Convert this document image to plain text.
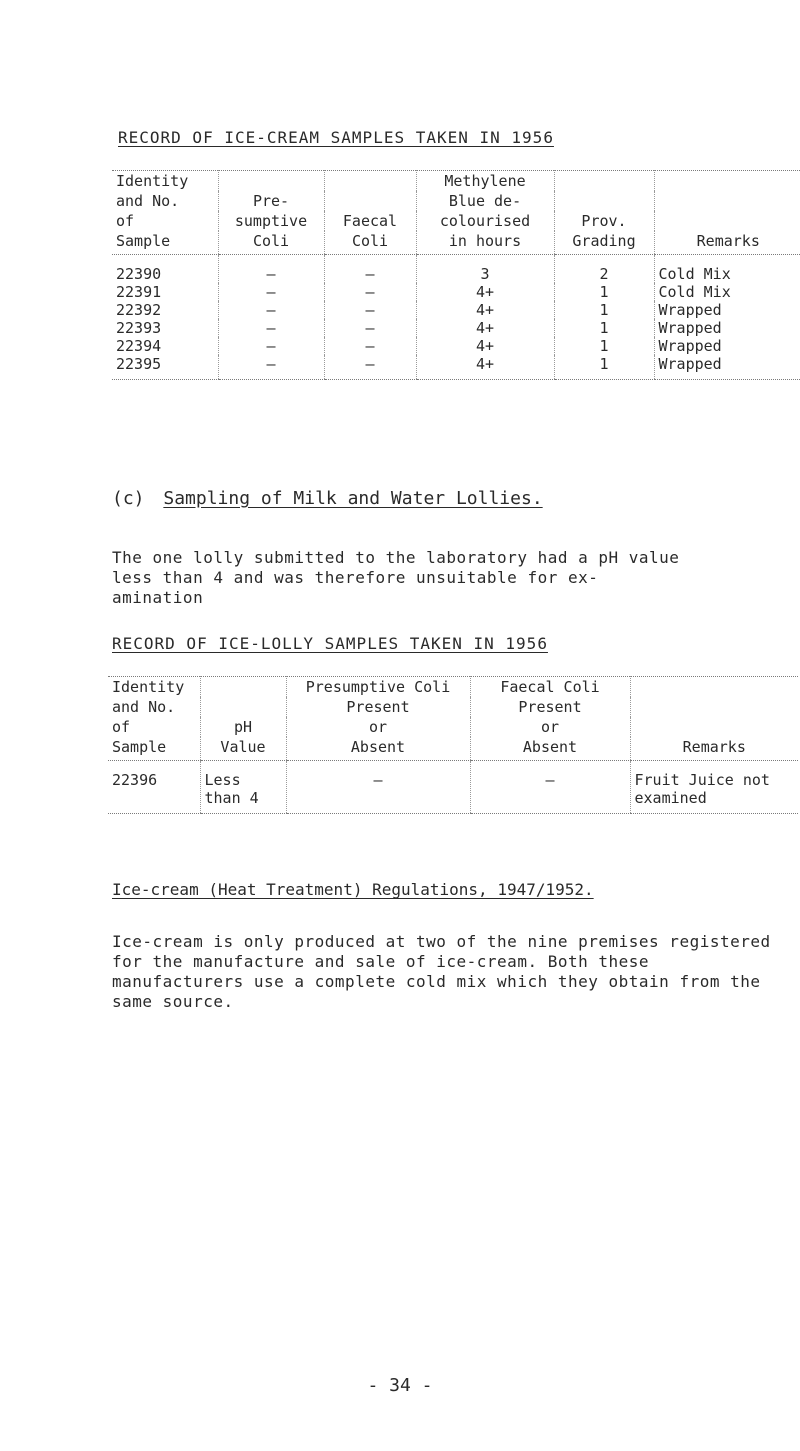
RECORD OF ICE-CREAM SAMPLES TAKEN IN 1956
Identity			Methylene		
and No.	Pre-		Blue de-		
of	sumptive	Faecal	colourised	Prov.	
Sample	Coli	Coli	in hours	Grading	Remarks
22390	–	–	3	2	Cold Mix
22391	–	–	4+	1	Cold Mix
22392	–	–	4+	1	Wrapped
22393	–	–	4+	1	Wrapped
22394	–	–	4+	1	Wrapped
22395	–	–	4+	1	Wrapped
(c) Sampling of Milk and Water Lollies.
The one lolly submitted to the laboratory had a pH value less than 4 and was therefore unsuitable for ex-amination
RECORD OF ICE-LOLLY SAMPLES TAKEN IN 1956
Identity		Presumptive Coli	Faecal Coli	
and No.		Present	Present	
of	pH	or	or	
Sample	Value	Absent	Absent	Remarks
22396	Less than 4	–	–	Fruit Juice not examined
Ice-cream (Heat Treatment) Regulations, 1947/1952.
Ice-cream is only produced at two of the nine premises registered for the manufacture and sale of ice-cream. Both these manufacturers use a complete cold mix which they obtain from the same source.
- 34 -
